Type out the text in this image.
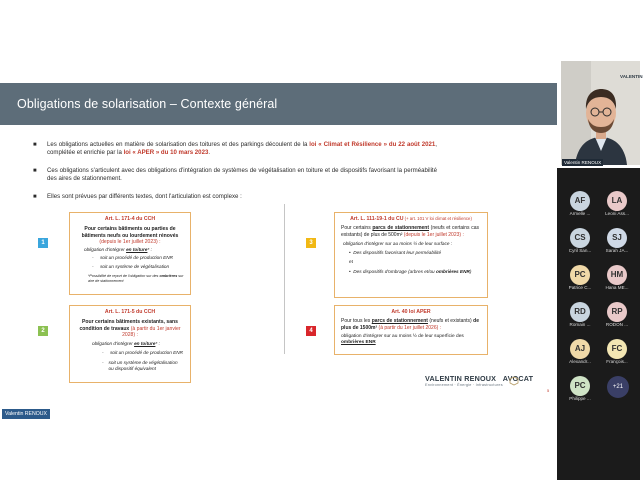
Obligations de solarisation – Contexte général
■	Les obligations actuelles en matière de solarisation des toitures et des parkings découlent de la loi « Climat et Résilience » du 22 août 2021, complétée et enrichie par la loi « APER » du 10 mars 2023.
■	Ces obligations s'articulent avec des obligations d'intégration de systèmes de végétalisation en toiture et de dispositifs favorisant la perméabilité des aires de stationnement.
■	Elles sont prévues par différents textes, dont l'articulation est complexe :
1
2
3
4
Art. L. 171-4 du CCH
Pour certains bâtiments ou parties de bâtiments neufs ou lourdement rénovés (depuis le 1er juillet 2023) :
obligation d'intégrer en toiture* :
-     soit un procédé de production ENR
-     soit un système de végétalisation
*Possibilité de report de l'obligation sur des ombrières sur aire de stationnement
Art. L. 171-5 du CCH
Pour certains bâtiments existants, sans condition de travaux (à partir du 1er janvier 2028) :
obligation d'intégrer en toiture* :
-     soit un procédé de production ENR
-
soit un système de végétalisation ou dispositif équivalent
Art. L. 111-19-1 du CU (+ art. 101 V loi climat et résilience)
Pour certains parcs de stationnement (neufs et certains cas existants) de plus de 500m² (depuis le 1er juillet 2023) :
obligation d'intégrer sur au moins ½ de leur surface :
•  Des dispositifs favorisant leur perméabilité
et
•  Des dispositifs d'ombrage (arbres et/ou ombrières ENR)
Art. 40 loi APER
Pour tous les parcs de stationnement (neufs et existants) de plus de 1500m² (à partir du 1er juillet 2026) :
obligation d'intégrer sur au moins ½ de leur superficie des ombrières ENR
VALENTIN RENOUX AVOCAT
Environnement · Énergie · Infrastructures
5
Valentin RENOUX
VALENTIN
Valentin RENOUX
AF
Armelle ...
LA
Leoni Ass...
CS
Cyril San...
SJ
Sarah JA...
PC
Patrice C...
HM
Hana ME...
RD
Romain ...
RP
RODON ...
AJ
Alexandr...
FC
François...
PC
Philippe ...
+21
